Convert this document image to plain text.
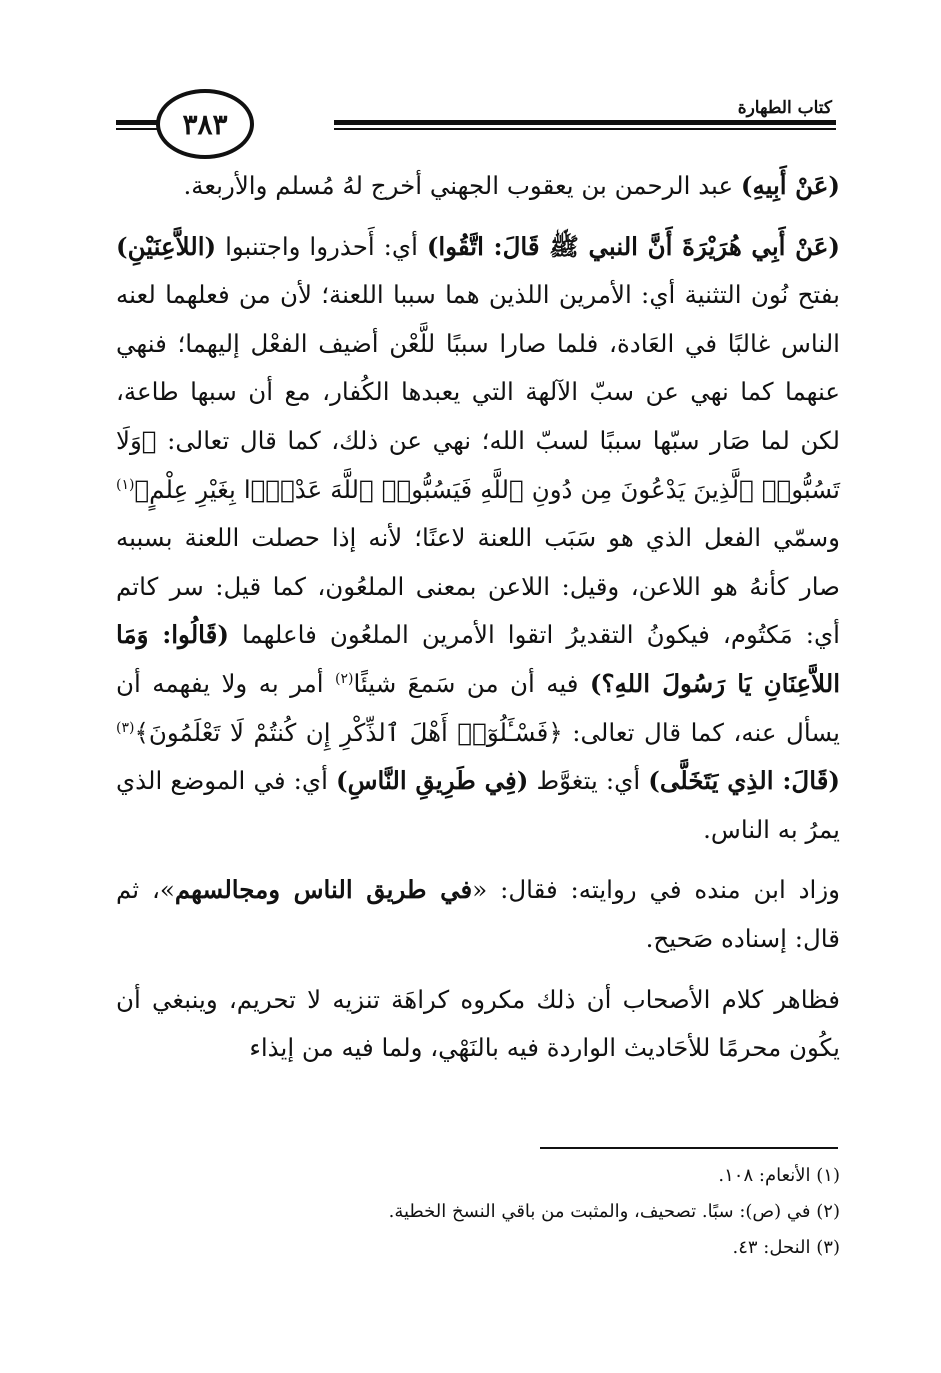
كتاب الطهارة
٣٨٣

(عَنْ أَبِيهِ) عبد الرحمن بن يعقوب الجهني أخرج لهُ مُسلم والأربعة.

(عَنْ أَبِي هُرَيْرَةَ أَنَّ النبي ﷺ قَالَ: اتَّقُوا) أي: أَحذروا واجتنبوا (اللاَّعِنَيْنِ) بفتح نُون التثنية أي: الأمرين اللذين هما سببا اللعنة؛ لأن من فعلهما لعنه الناس غالبًا في العَادة، فلما صارا سببًا للَّعْن أضيف الفعْل إليهما؛ فنهي عنهما كما نهي عن سبّ الآلهة التي يعبدها الكُفار، مع أن سبها طاعة، لكن لما صَار سبّها سببًا لسبّ الله؛ نهي عن ذلك، كما قال تعالى: ﴿وَلَا تَسُبُّوا۟ ٱلَّذِينَ يَدْعُونَ مِن دُونِ ٱللَّهِ فَيَسُبُّوا۟ ٱللَّهَ عَدْوًۢا بِغَيْرِ عِلْمٍ﴾$^{(١)}$ وسمّي الفعل الذي هو سَبَب اللعنة لاعنًا؛ لأنه إذا حصلت اللعنة بسببه صار كأنهُ هو اللاعن، وقيل: اللاعن بمعنى الملعُون، كما قيل: سر كاتم أي: مَكتُوم، فيكونُ التقديرُ اتقوا الأمرين الملعُون فاعلهما (قَالُوا: وَمَا اللاَّعِنَانِ يَا رَسُولَ اللهِ؟) فيه أن من سَمعَ شيئًا$^{(٢)}$ أمر به ولا يفهمه أن يسأل عنه، كما قال تعالى: ﴿فَسْـَٔلُوٓا۟ أَهْلَ ٱلذِّكْرِ إِن كُنتُمْ لَا تَعْلَمُونَ﴾$^{(٣)}$ (قَالَ: الذِي يَتَخَلَّى) أي: يتغوَّط (فِي طَرِيقِ النَّاسِ) أي: في الموضع الذي يمرُ به الناس.

وزاد ابن منده في روايته: فقال: «في طريق الناس ومجالسهم»، ثم قال: إسناده صَحيح.

فظاهر كلام الأصحاب أن ذلك مكروه كراهَة تنزيه لا تحريم، وينبغي أن يكُون محرمًا للأحَاديث الواردة فيه بالنَهْي، ولما فيه من إيذاء

(١) الأنعام: ١٠٨.

(٢) في (ص): سبًا. تصحيف، والمثبت من باقي النسخ الخطية.

(٣) النحل: ٤٣.
